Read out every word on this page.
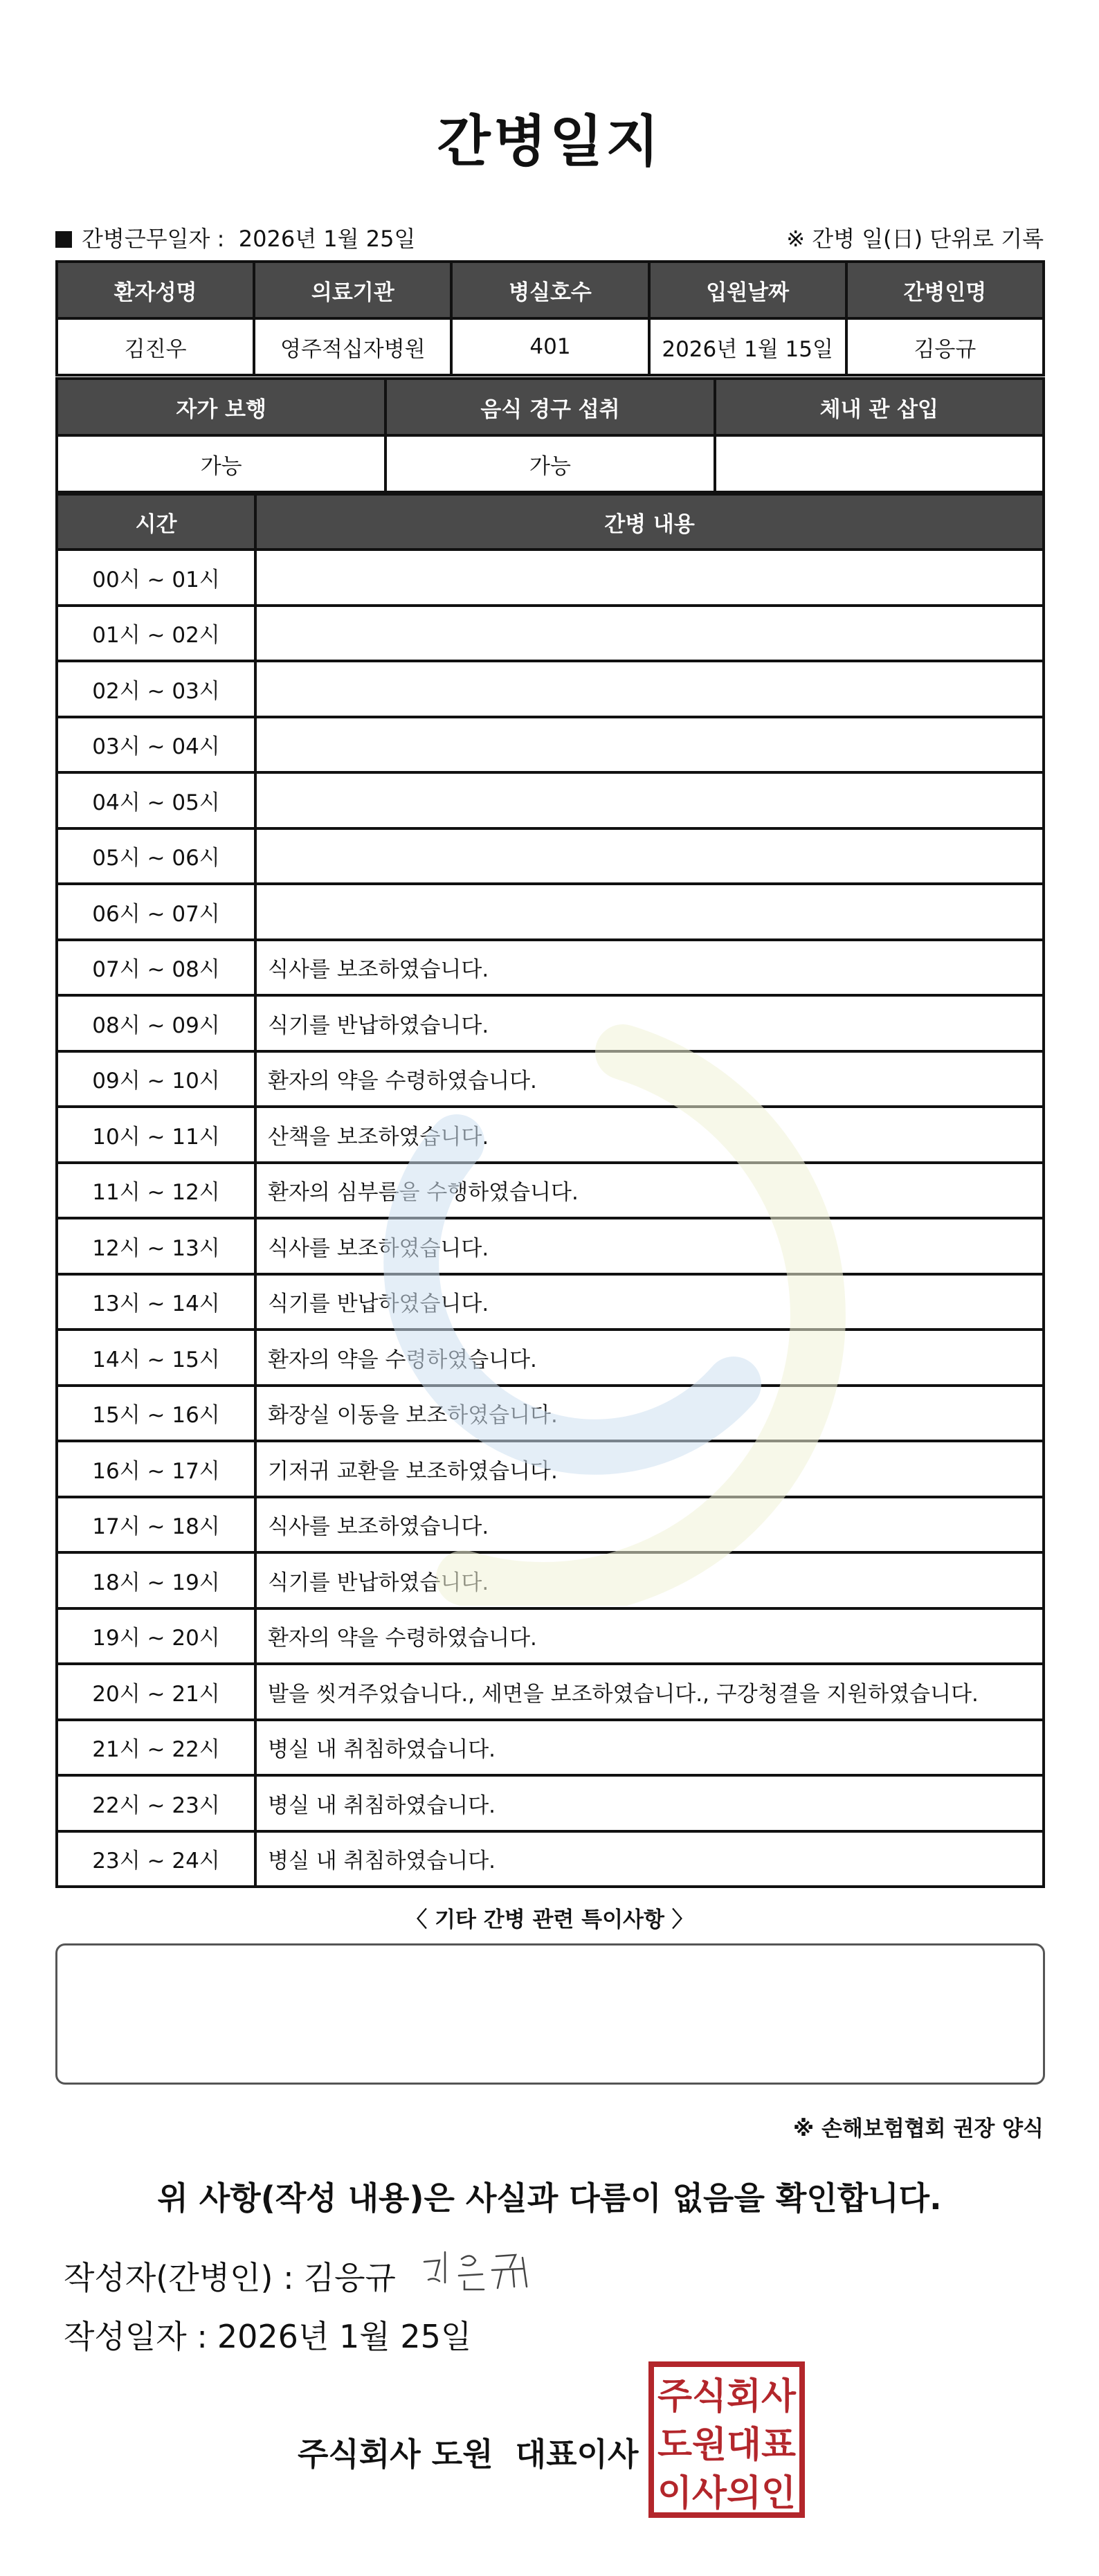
간병일지
간병근무일자 : 2026년 1월 25일	※ 간병 일(日) 단위로 기록
환자성명	의료기관	병실호수	입원날짜	간병인명
김진우	영주적십자병원	401	2026년 1월 15일	김응규
자가 보행	음식 경구 섭취	체내 관 삽입
가능	가능	
시간	간병 내용
00시 ~ 01시	
01시 ~ 02시	
02시 ~ 03시	
03시 ~ 04시	
04시 ~ 05시	
05시 ~ 06시	
06시 ~ 07시	
07시 ~ 08시	식사를 보조하였습니다.
08시 ~ 09시	식기를 반납하였습니다.
09시 ~ 10시	환자의 약을 수령하였습니다.
10시 ~ 11시	산책을 보조하였습니다.
11시 ~ 12시	환자의 심부름을 수행하였습니다.
12시 ~ 13시	식사를 보조하였습니다.
13시 ~ 14시	식기를 반납하였습니다.
14시 ~ 15시	환자의 약을 수령하였습니다.
15시 ~ 16시	화장실 이동을 보조하였습니다.
16시 ~ 17시	기저귀 교환을 보조하였습니다.
17시 ~ 18시	식사를 보조하였습니다.
18시 ~ 19시	식기를 반납하였습니다.
19시 ~ 20시	환자의 약을 수령하였습니다.
20시 ~ 21시	발을 씻겨주었습니다., 세면을 보조하였습니다., 구강청결을 지원하였습니다.
21시 ~ 22시	병실 내 취침하였습니다.
22시 ~ 23시	병실 내 취침하였습니다.
23시 ~ 24시	병실 내 취침하였습니다.
〈 기타 간병 관련 특이사항 〉
※ 손해보험협회 권장 양식
위 사항(작성 내용)은 사실과 다름이 없음을 확인합니다.
작성자(간병인) : 김응규
작성일자 : 2026년 1월 25일
주식회사 도원  대표이사
주식회사
도원대표
이사의인
